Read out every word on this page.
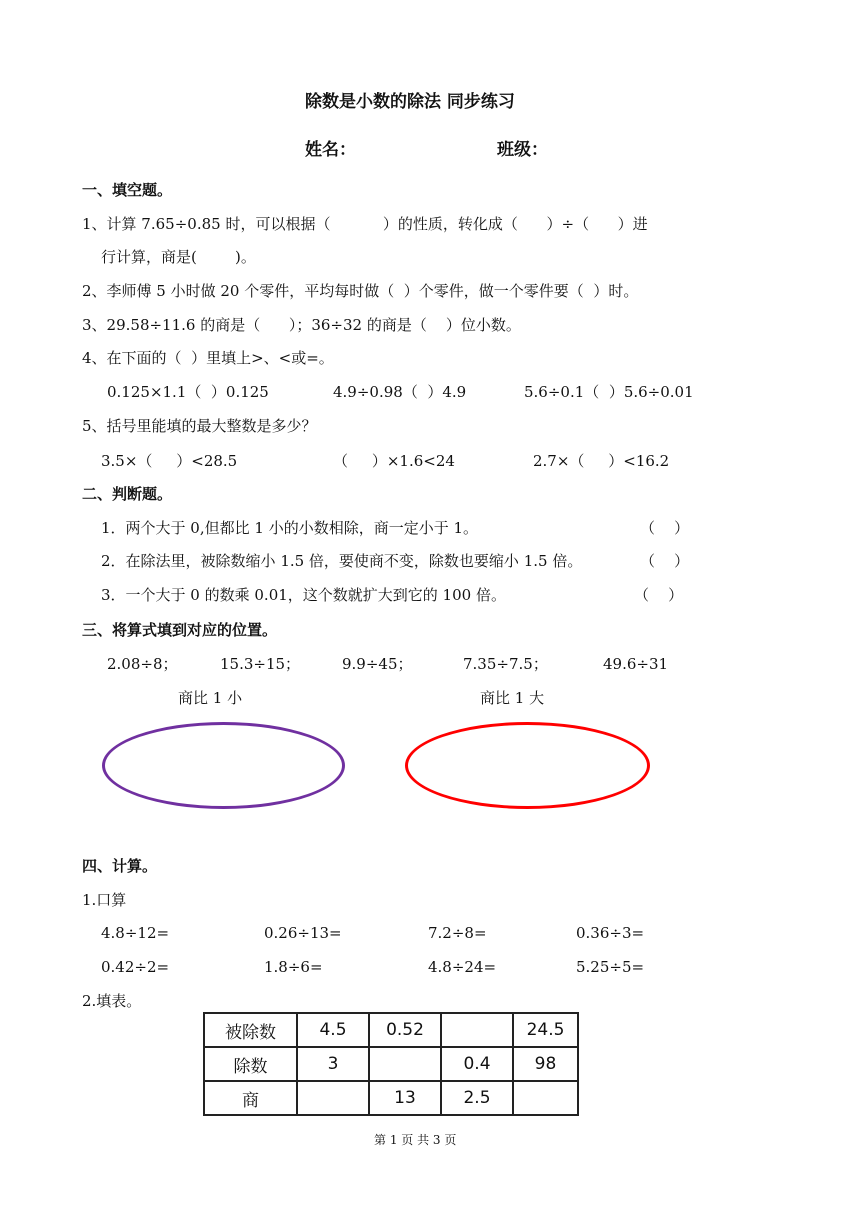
除数是小数的除法 同步练习
姓名：	班级：
一、填空题。
1、计算 7.65÷0.85 时，可以根据（           ）的性质，转化成（      ）÷（      ）进
行计算，商是(        )。
2、李师傅 5 小时做 20 个零件，平均每时做（  ）个零件，做一个零件要（  ）时。
3、29.58÷11.6 的商是（      ）；36÷32 的商是（    ）位小数。
4、在下面的（  ）里填上>、<或=。
0.125×1.1（  ）0.125	4.9÷0.98（  ）4.9	5.6÷0.1（  ）5.6÷0.01
5、括号里能填的最大整数是多少？
3.5×（     ）<28.5	（     ）×1.6<24	2.7×（     ）<16.2
二、判断题。
1．两个大于 0,但都比 1 小的小数相除，商一定小于 1。	（    ）
2．在除法里，被除数缩小 1.5 倍，要使商不变，除数也要缩小 1.5 倍。	（    ）
3．一个大于 0 的数乘 0.01，这个数就扩大到它的 100 倍。	（    ）
三、将算式填到对应的位置。
2.08÷8；	15.3÷15；	9.9÷45；	7.35÷7.5；	49.6÷31
商比 1 小	商比 1 大
四、计算。
1.口算
4.8÷12=	0.26÷13=	7.2÷8=	0.36÷3=
0.42÷2=	1.8÷6=	4.8÷24=	5.25÷5=
2.填表。
被除数	4.5	0.52		24.5
除数	3		0.4	98
商		13	2.5	
第 1 页 共 3 页
